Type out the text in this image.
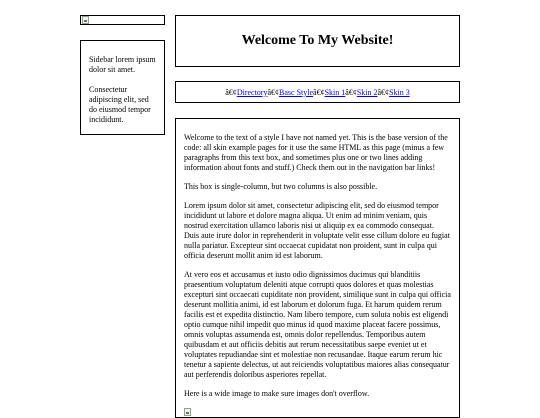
Sidebar lorem ipsum dolor sit amet.

Consectetur adipiscing elit, sed do eiusmod tempor incididunt.

Welcome To My Website!
â€¢ Directory â€¢ Basc Style â€¢ Skin 1 â€¢ Skin 2 â€¢ Skin 3

Welcome to the text of a style I have not named yet. This is the base version of the code: all skin example pages for it use the same HTML as this page (minus a few paragraphs from this text box, and sometimes plus one or two lines adding information about fonts and stuff.) Check them out in the navigation bar links!

This box is single-column, but two columns is also possible.

Lorem ipsum dolor sit amet, consectetur adipiscing elit, sed do eiusmod tempor incididunt ut labore et dolore magna aliqua. Ut enim ad minim veniam, quis nostrud exercitation ullamco laboris nisi ut aliquip ex ea commodo consequat. Duis aute irure dolor in reprehenderit in voluptate velit esse cillum dolore eu fugiat nulla pariatur. Excepteur sint occaecat cupidatat non proident, sunt in culpa qui officia deserunt mollit anim id est laborum.

At vero eos et accusamus et iusto odio dignissimos ducimus qui blanditiis praesentium voluptatum deleniti atque corrupti quos dolores et quas molestias excepturi sint occaecati cupiditate non provident, similique sunt in culpa qui officia deserunt mollitia animi, id est laborum et dolorum fuga. Et harum quidem rerum facilis est et expedita distinctio. Nam libero tempore, cum soluta nobis est eligendi optio cumque nihil impedit quo minus id quod maxime placeat facere possimus, omnis voluptas assumenda est, omnis dolor repellendus. Temporibus autem quibusdam et aut officiis debitis aut rerum necessitatibus saepe eveniet ut et voluptates repudiandae sint et molestiae non recusandae. Itaque earum rerum hic tenetur a sapiente delectus, ut aut reiciendis voluptatibus maiores alias consequatur aut perferendis doloribus asperiores repellat.

Here is a wide image to make sure images don't overflow.
